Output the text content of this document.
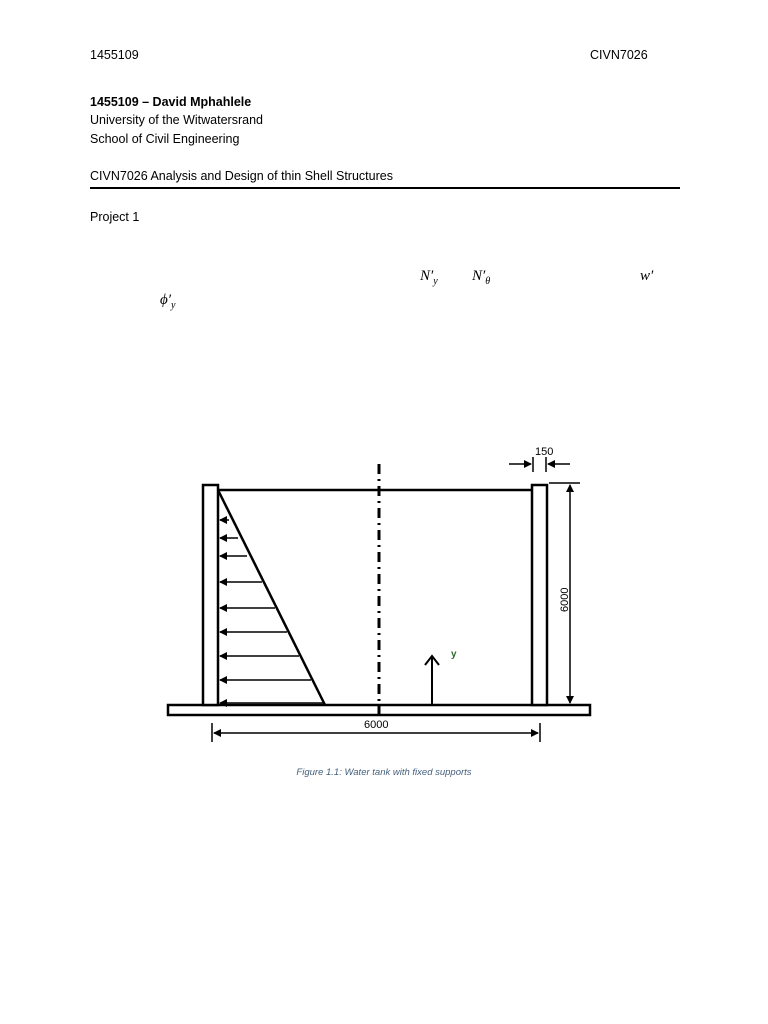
1455109	CIVN7026
1455109 – David Mphahlele
University of the Witwatersrand
School of Civil Engineering
CIVN7026 Analysis and Design of thin Shell Structures
Project 1
$N'_y$ $N'_\theta$	w′
$\phi'_y$
y
150
6000
6000
Figure 1.1: Water tank with fixed supports
